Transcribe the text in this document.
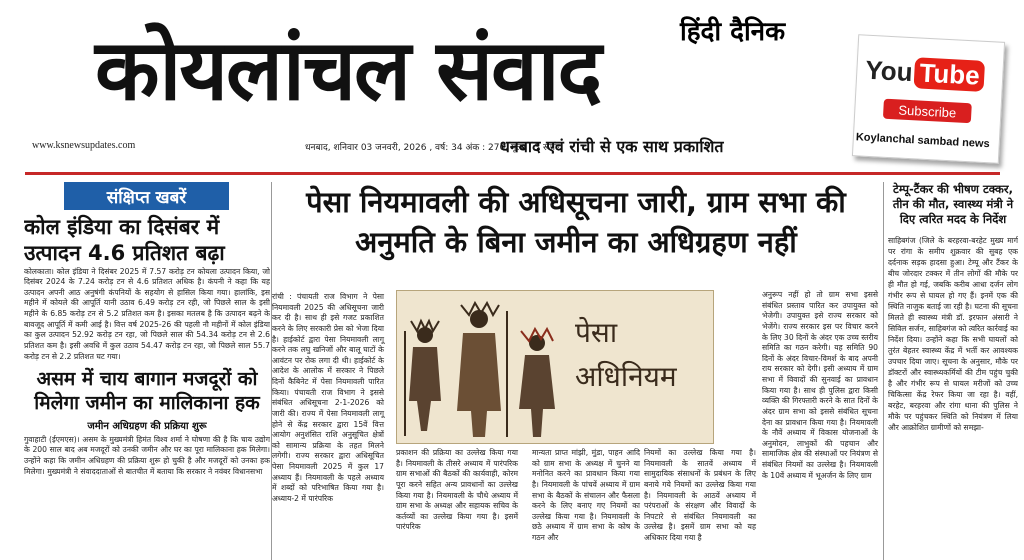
हिंदी दैनिक
कोयलांचल संवाद	You Tube
Subscribe
Koylanchal sambad news
www.ksnewsupdates.com	धनबाद, शनिवार 03 जनवरी, 2026 , वर्ष: 34 अंक : 276, मूल्य : 3 रूपए
धनबाद एवं रांची से एक साथ प्रकाशित
संक्षिप्त खबरें
कोल इंडिया का दिसंबर में उत्पादन 4.6 प्रतिशत बढ़ा
कोलकाता। कोल इंडिया ने दिसंबर 2025 में 7.57 करोड़ टन कोयला उत्पादन किया, जो दिसंबर 2024 के 7.24 करोड़ टन से 4.6 प्रतिशत अधिक है। कंपनी ने कहा कि यह उत्पादन अपनी आठ अनुषंगी कंपनियों के सहयोग से हासिल किया गया। हालांकि, इस महीने में कोयले की आपूर्ति यानी उठाव 6.49 करोड़ टन रही, जो पिछले साल के इसी महीने के 6.85 करोड़ टन से 5.2 प्रतिशत कम है। इसका मतलब है कि उत्पादन बढ़ने के बावजूद आपूर्ति में कमी आई है। वित्त वर्ष 2025-26 की पहली नौ महीनों में कोल इंडिया का कुल उत्पादन 52.92 करोड़ टन रहा, जो पिछले साल की 54.34 करोड़ टन से 2.6 प्रतिशत कम है। इसी अवधि में कुल उठाव 54.47 करोड़ टन रहा, जो पिछले साल 55.7 करोड़ टन से 2.2 प्रतिशत घट गया।
असम में चाय बागान मजदूरों को मिलेगा जमीन का मालिकाना हक
जमीन अधिग्रहण की प्रक्रिया शुरू
गुवाहाटी (ईएमएस)। असम के मुख्यमंत्री हिमंत विश्व शर्मा ने घोषणा की है कि चाय उद्योग के 200 साल बाद अब मजदूरों को उनकी जमीन और घर का पूरा मालिकाना हक मिलेगा। उन्होंने कहा कि जमीन अधिग्रहण की प्रक्रिया शुरू हो चुकी है और मजदूरों को उनका हक मिलेगा। मुख्यमंत्री ने संवाददाताओं से बातचीत में बताया कि सरकार ने नवंबर विधानसभा
पेसा नियमावली की अधिसूचना जारी, ग्राम सभा की अनुमति के बिना जमीन का अधिग्रहण नहीं
रांची : पंचायती राज विभाग ने पेसा नियमावली 2025 की अधिसूचना जारी कर दी है। साथ ही इसे गजट प्रकाशित करने के लिए सरकारी प्रेस को भेजा दिया है। हाईकोर्ट द्वारा पेसा नियमावली लागू करने तक लघु खनिजों और बालू घाटों के आवंटन पर रोक लगा दी थी। हाईकोर्ट के आदेश के आलोक में सरकार ने पिछले दिनों कैबिनेट में पेसा नियमावली पारित किया। पंचायती राज विभाग ने इससे संबंधित अधिसूचना 2-1-2026 को जारी की। राज्य में पेसा नियमावली लागू होने से केंद्र सरकार द्वारा 15वें वित्त आयोग अनुशंसित राशि अनुसूचित क्षेत्रों को सामान्य प्रक्रिया के तहत मिलने लगेगी। राज्य सरकार द्वारा अधिसूचित पेसा नियमावली 2025 में कुल 17 अध्याय हैं। नियमावली के पहले अध्याय में शब्दों को परिभाषित किया गया है। अध्याय-2 में पारंपरिक
पेसा
अधिनियम
प्रकाशन की प्रक्रिया का उल्लेख किया गया है। नियमावली के तीसरे अध्याय में पारंपरिक ग्राम सभाओं की बैठकों की कार्यवाही, कोरम पूरा करने सहित अन्य प्रावधानों का उल्लेख किया गया है। नियमावली के चौथे अध्याय में ग्राम सभा के अध्यक्ष और सहायक सचिव के कर्तव्यों का उल्लेख किया गया है। इसमें पारंपरिक
मान्यता प्राप्त मांझी, मुंडा, पाहन आदि को ग्राम सभा के अध्यक्ष में चुनने या मनोनित करने का प्रावधान किया गया है। नियमावली के पांचवें अध्याय में ग्राम सभा के बैठकों के संचालन और फैसला करने के लिए बनाए गए नियमों का उल्लेख किया गया है। नियमावली के छठे अध्याय में ग्राम सभा के कोष के गठन और
नियमों का उल्लेख किया गया है। नियमावली के सातवें अध्याय में सामुदायिक संसाधनों के प्रबंधन के लिए बनाये गये नियमों का उल्लेख किया गया है। नियमावली के आठवें अध्याय में परंपराओं के संरक्षण और विवादों के निपटारे से संबंधित नियमावली का उल्लेख है। इसमें ग्राम सभा को यह अधिकार दिया गया है
अनुरूप नहीं हो तो ग्राम सभा इससे संबंधित प्रस्ताव पारित कर उपायुक्त को भेजेगी। उपायुक्त इसे राज्य सरकार को भेजेंगे। राज्य सरकार इस पर विचार करने के लिए 30 दिनों के अंदर एक उच्च स्तरीय समिति का गठन करेगी। यह समिति 90 दिनों के अंदर विचार-विमर्श के बाद अपनी राय सरकार को देगी। इसी अध्याय में ग्राम सभा में विवादों की सुनवाई का प्रावधान किया गया है। साथ ही पुलिस द्वारा किसी व्यक्ति की गिरफ्तारी करने के सात दिनों के अंदर ग्राम सभा को इससे संबंधित सूचना देना का प्रावधान किया गया है। नियमावली के नौवें अध्याय में विकास योजनाओं के अनुमोदन, लाभुकों की पहचान और सामाजिक क्षेत्र की संस्थाओं पर नियंत्रण से संबंधित नियमों का उल्लेख है। नियमावली के 10वें अध्याय में भूअर्जन के लिए ग्राम
टेम्पू-टैंकर की भीषण टक्कर, तीन की मौत, स्वास्थ्य मंत्री ने दिए त्वरित मदद के निर्देश
साहिबगंज (जिले के बरहरवा-बरहेट मुख्य मार्ग पर रांगा के समीप शुक्रवार की सुबह एक दर्दनाक सड़क हादसा हुआ। टेम्पू और टैंकर के बीच जोरदार टक्कर में तीन लोगों की मौके पर ही मौत हो गई, जबकि करीब आधा दर्जन लोग गंभीर रूप से घायल हो गए हैं। इनमें एक की स्थिति नाजुक बताई जा रही है। घटना की सूचना मिलते ही स्वास्थ्य मंत्री डॉ. इरफान अंसारी ने सिविल सर्जन, साहिबगंज को त्वरित कार्रवाई का निर्देश दिया। उन्होंने कहा कि सभी घायलों को तुरंत बेहतर स्वास्थ्य केंद्र में भर्ती कर आवश्यक उपचार दिया जाए। सूचना के अनुसार, मौके पर डॉक्टरों और स्वास्थ्यकर्मियों की टीम पहुंच चुकी है और गंभीर रूप से घायल मरीजों को उच्च चिकित्सा केंद्र रेफर किया जा रहा है। वहीं, बरहेट, बरहरवा और रांगा थाना की पुलिस ने मौके पर पहुंचकर स्थिति को नियंत्रण में लिया और आक्रोशित ग्रामीणों को समझा-
